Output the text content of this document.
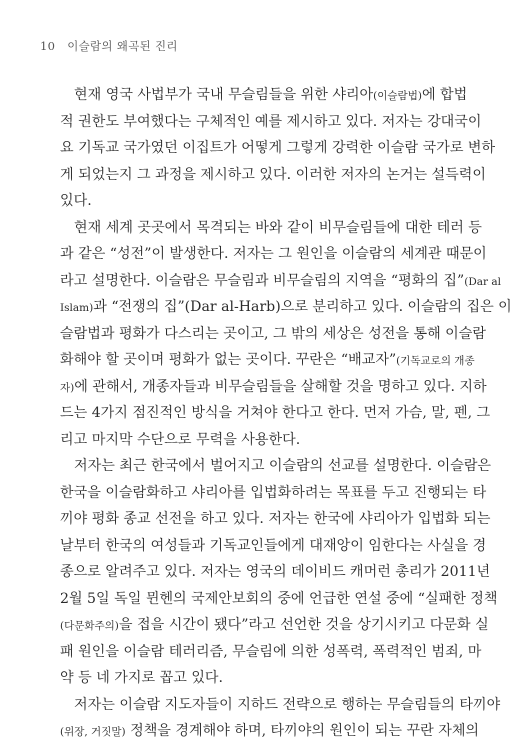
10 이슬람의 왜곡된 진리
현재 영국 사법부가 국내 무슬림들을 위한 샤리아(이슬람법)에 합법
적 권한도 부여했다는 구체적인 예를 제시하고 있다. 저자는 강대국이
요 기독교 국가였던 이집트가 어떻게 그렇게 강력한 이슬람 국가로 변하
게 되었는지 그 과정을 제시하고 있다. 이러한 저자의 논거는 설득력이
있다.
현재 세계 곳곳에서 목격되는 바와 같이 비무슬림들에 대한 테러 등
과 같은 “성전”이 발생한다. 저자는 그 원인을 이슬람의 세계관 때문이
라고 설명한다. 이슬람은 무슬림과 비무슬림의 지역을 “평화의 집”(Dar al
Islam)과 “전쟁의 집”(Dar al-Harb)으로 분리하고 있다. 이슬람의 집은 이
슬람법과 평화가 다스리는 곳이고, 그 밖의 세상은 성전을 통해 이슬람
화해야 할 곳이며 평화가 없는 곳이다. 꾸란은 “배교자”(기독교로의 개종
자)에 관해서, 개종자들과 비무슬림들을 살해할 것을 명하고 있다. 지하
드는 4가지 점진적인 방식을 거쳐야 한다고 한다. 먼저 가슴, 말, 펜, 그
리고 마지막 수단으로 무력을 사용한다.
저자는 최근 한국에서 벌어지고 이슬람의 선교를 설명한다. 이슬람은
한국을 이슬람화하고 샤리아를 입법화하려는 목표를 두고 진행되는 타
끼야 평화 종교 선전을 하고 있다. 저자는 한국에 샤리아가 입법화 되는
날부터 한국의 여성들과 기독교인들에게 대재앙이 임한다는 사실을 경
종으로 알려주고 있다. 저자는 영국의 데이비드 캐머런 총리가 2011년
2월 5일 독일 뮌헨의 국제안보회의 중에 언급한 연설 중에 “실패한 정책
(다문화주의)을 접을 시간이 됐다”라고 선언한 것을 상기시키고 다문화 실
패 원인을 이슬람 테러리즘, 무슬림에 의한 성폭력, 폭력적인 범죄, 마
약 등 네 가지로 꼽고 있다.
저자는 이슬람 지도자들이 지하드 전략으로 행하는 무슬림들의 타끼야
(위장, 거짓말) 정책을 경계해야 하며, 타끼야의 원인이 되는 꾸란 자체의
